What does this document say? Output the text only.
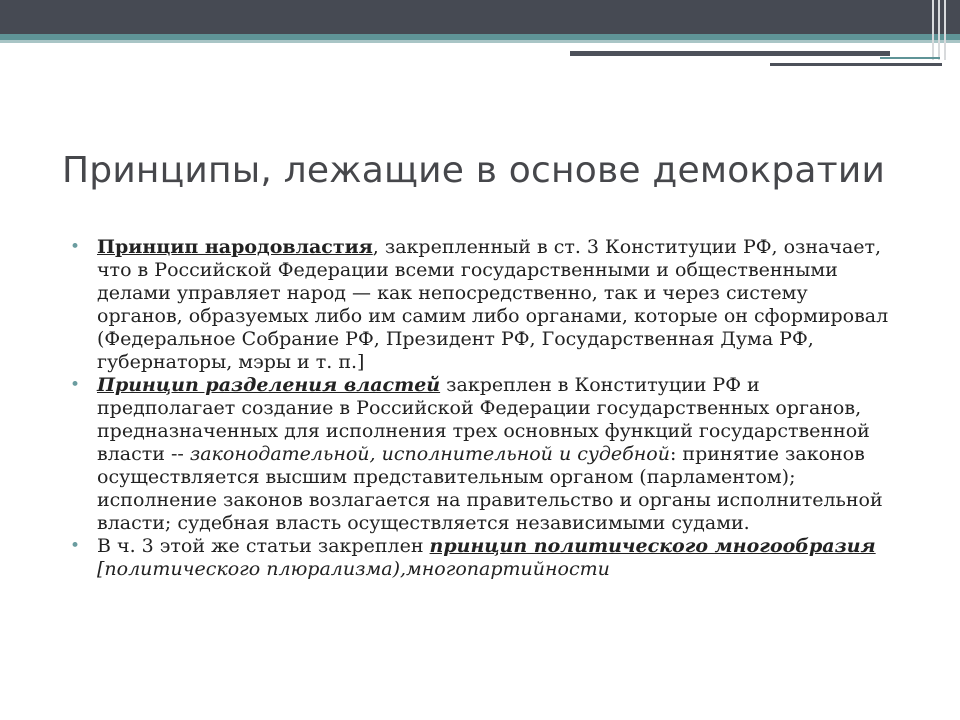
Принципы, лежащие в основе демократии
• Принцип народовластия, закрепленный в ст. 3 Конституции РФ, означает, что в Российской Федерации всеми государственными и общественными делами управляет народ — как непосредственно, так и через систему органов, образуемых либо им самим либо органами, которые он сформировал (Федеральное Собрание РФ, Президент РФ, Государственная Дума РФ, губернаторы, мэры и т. п.]
• Принцип разделения властей закреплен в Конституции РФ и предполагает создание в Российской Федерации государственных органов, предназначенных для исполнения трех основных функций государственной власти -- законодательной, исполнительной и судебной: принятие законов осуществляется высшим представительным органом (парламентом); исполнение законов возлагается на правительство и органы исполнительной власти; судебная власть осуществляется независимыми судами.
• В ч. 3 этой же статьи закреплен принцип политического многообразия [политического плюрализма),многопартийности
